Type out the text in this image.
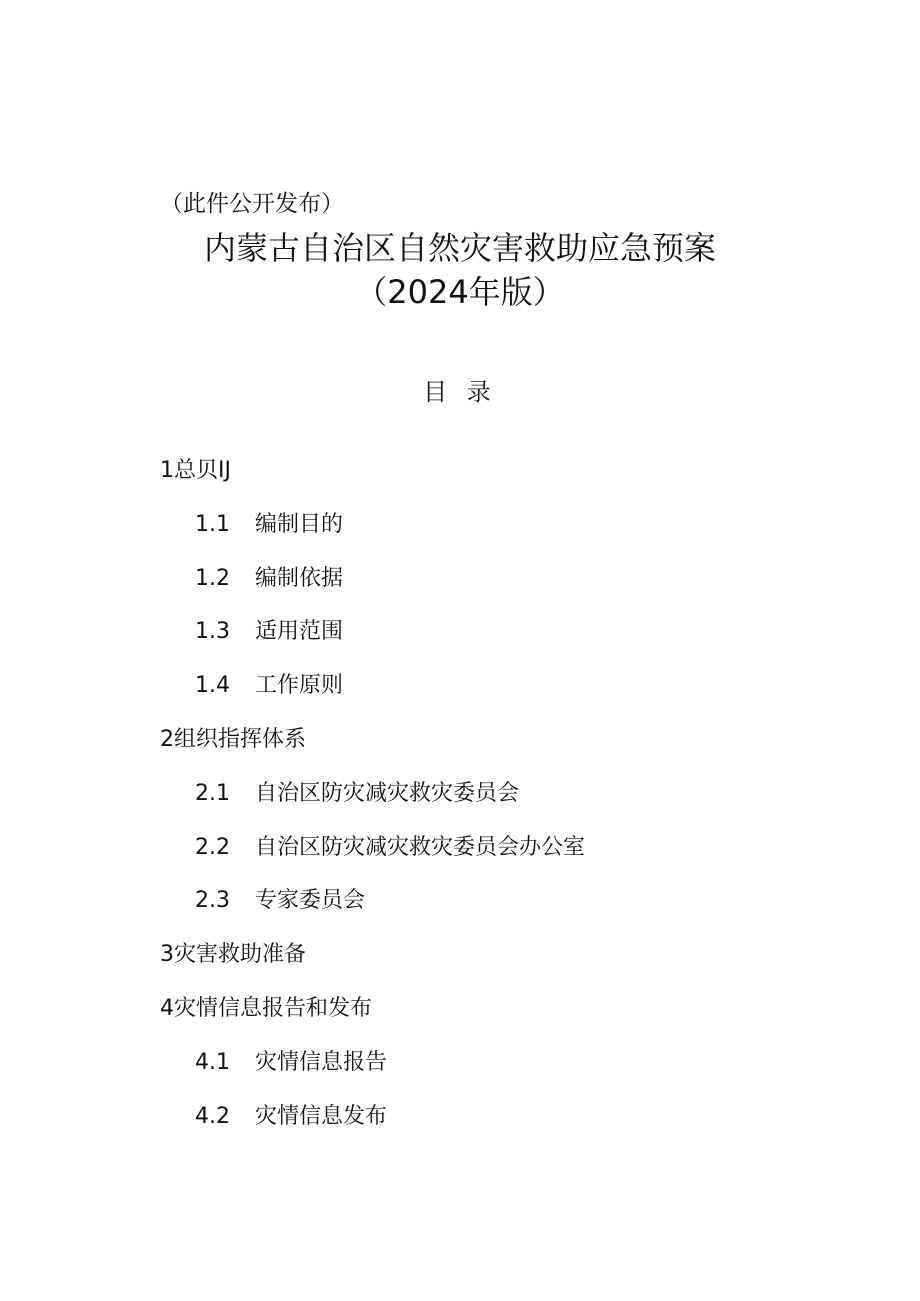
（此件公开发布）
内蒙古自治区自然灾害救助应急预案
（2024年版）
目 录
1总贝IJ
1.1 编制目的
1.2 编制依据
1.3 适用范围
1.4 工作原则
2组织指挥体系
2.1 自治区防灾减灾救灾委员会
2.2 自治区防灾减灾救灾委员会办公室
2.3 专家委员会
3灾害救助准备
4灾情信息报告和发布
4.1 灾情信息报告
4.2 灾情信息发布
